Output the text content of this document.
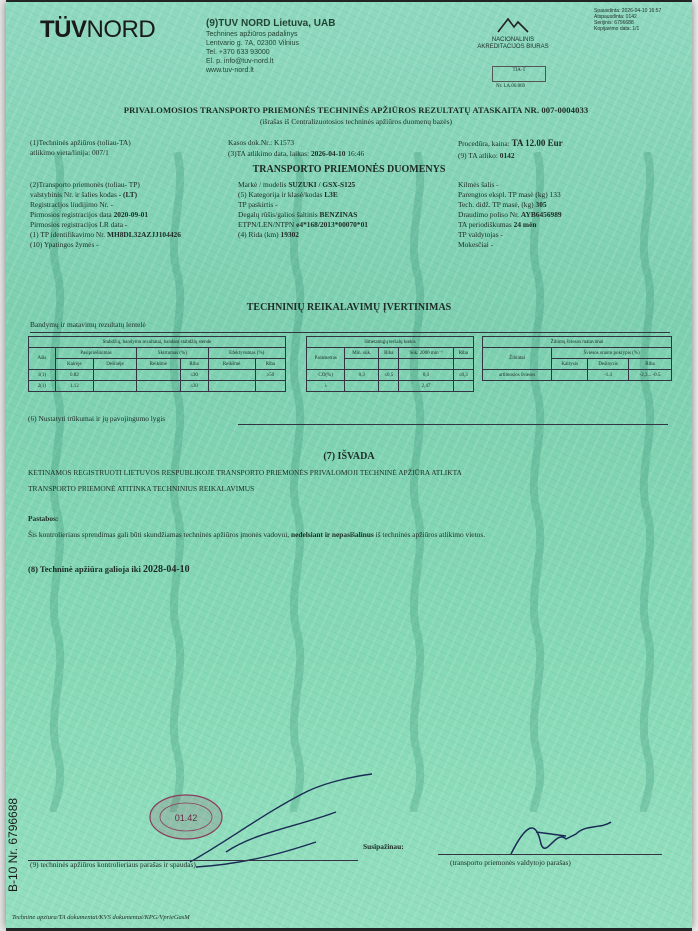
TÜVNORD	(9)TUV NORD Lietuva, UAB
Techninės apžiūros padalinys
Lentvario g. 7A, 02300 Vilnius
Tel. +370 633 93000
El. p. info@tuv-nord.lt
www.tuv-nord.lt
NACIONALINIS
AKREDITACIJOS BIURAS
TIA-T
Nr. LA.06.069
Spausdinta: 2026-04-10 16:57
Atspausdinta: 0142
Serijinis: 6796688
Kopijavimo data: 1/1
PRIVALOMOSIOS TRANSPORTO PRIEMONĖS TECHNINĖS APŽIŪROS REZULTATŲ ATASKAITA NR. 007-0004033
(išrašas iš Centralizuotosios techninės apžiūros duomenų bazės)
(1)Techninės apžiūros (toliau-TA)
atlikimo vieta/linija: 007/1
Kasos dok.Nr.: K1573
(3)TA atlikimo data, laikas: 2026-04-10 16:46
Procedūra, kaina: TA 12.00 Eur
(9) TA atliko: 0142
TRANSPORTO PRIEMONĖS DUOMENYS
(2)Transporto priemonės (toliau- TP)
valstybinis Nr. ir šalies kodas - (LT)
Registracijos liudijimo Nr. -
Pirmosios registracijos data 2020-09-01
Pirmosios registracijos LR data -
(1) TP identifikavimo Nr. MH8DL32AZJJ104426
(10) Ypatingos žymės -
Markė / modelis SUZUKI / GSX-S125
(5) Kategorija ir klasė/kodas L3E
TP paskirtis -
Degalų rūšis/galios šaltinis BENZINAS
ETPN/LEN/NTPN e4*168/2013*00070*01
(4) Rida (km) 19302
Kilmės šalis -
Parengtos ekspl. TP masė (kg) 133
Tech. didž. TP masė, (kg) 305
Draudimo poliso Nr. AYB6456989
TA periodiškumas 24 mėn
TP valdytojas -
Mokesčiai -
TECHNINIŲ REIKALAVIMŲ ĮVERTINIMAS
Bandymų ir matavimų rezultatų lentelė
Stabdžių, bandymo rezultatai, bandant stabdžių stende						
Ašis	Pasipriešinimas		Skirtumas (%)		Efektyvumas (%)	
	Kairėje	Dešinėje	Reikšmė	Riba	Reikšmė	Riba
1(1)	0.82			≤30		≥50
2(1)	1.12			≤30		
Išmetamųjų teršalų kiekis				
Parametras	Min. sūk.	Riba	Sūk. 2000 min⁻¹	Riba

CO(%)	0,3	≤0,5	0,3	≤0,3
λ			2,47	
Žibintų šviesos matavimai			
Žibintai	Šviesos srauto pokrypis (%)		
	Kairysis	Dešinysis	Riba
artimosios šviesos		-1.3	-2,3... -0.5
(6) Nustatyti trūkumai ir jų pavojingumo lygis
(7) IŠVADA
KETINAMOS REGISTRUOTI LIETUVOS RESPUBLIKOJE TRANSPORTO PRIEMONĖS PRIVALOMOJI TECHNINĖ APŽIŪRA ATLIKTA
TRANSPORTO PRIEMONĖ ATITINKA TECHNINIUS REIKALAVIMUS
Pastabos:
Šis kontrolieriaus sprendimas gali būti skundžiamas techninės apžiūros įmonės vadovui, nedelsiant ir nepasišalinus iš techninės apžiūros atlikimo vietos.
(8) Techninė apžiūra galioja iki 2028-04-10
01.42
Susipažinau:
(9) techninės apžiūros kontrolieriaus parašas ir spaudas)	(transporto priemonės valdytojo parašas)
B-10 Nr. 6796688
Technine apziura/TA dokumentai/KVS dokumentai/KPG/VprieGasM
